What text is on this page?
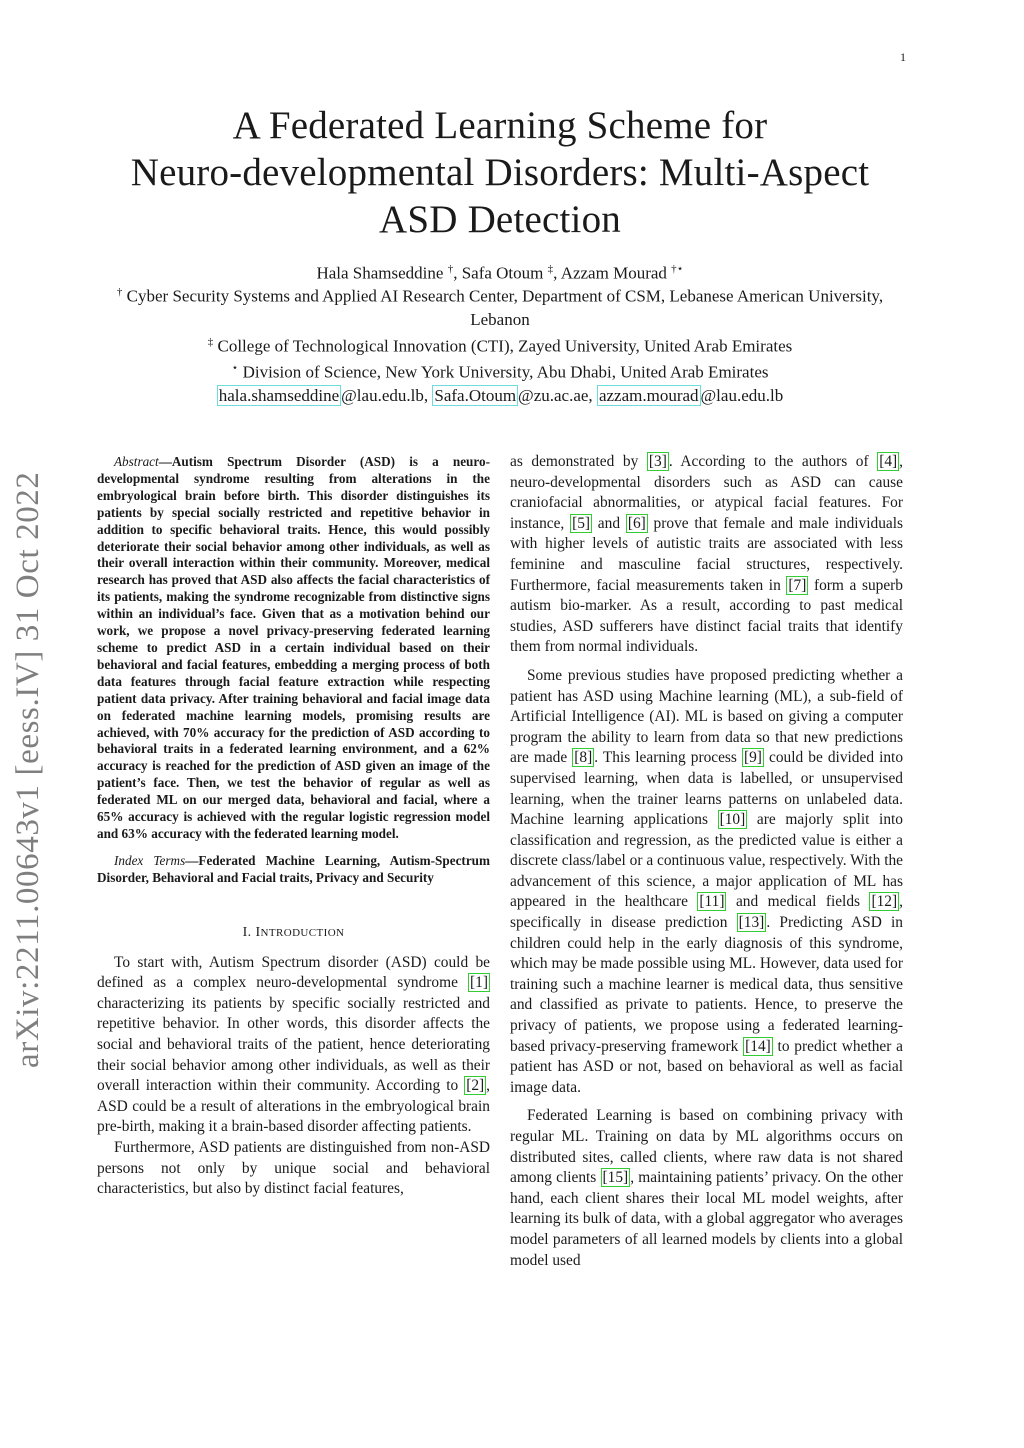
1
A Federated Learning Scheme for
Neuro-developmental Disorders: Multi-Aspect
ASD Detection
Hala Shamseddine †, Safa Otoum ‡, Azzam Mourad †⋆
† Cyber Security Systems and Applied AI Research Center, Department of CSM, Lebanese American University, Lebanon
‡ College of Technological Innovation (CTI), Zayed University, United Arab Emirates
⋆ Division of Science, New York University, Abu Dhabi, United Arab Emirates
hala.shamseddine @lau.edu.lb, Safa.Otoum @zu.ac.ae, azzam.mourad @lau.edu.lb
arXiv:2211.00643v1 [eess.IV] 31 Oct 2022

Abstract—Autism Spectrum Disorder (ASD) is a neuro-developmental syndrome resulting from alterations in the embryological brain before birth. This disorder distinguishes its patients by special socially restricted and repetitive behavior in addition to specific behavioral traits. Hence, this would possibly deteriorate their social behavior among other individuals, as well as their overall interaction within their community. Moreover, medical research has proved that ASD also affects the facial characteristics of its patients, making the syndrome recognizable from distinctive signs within an individual’s face. Given that as a motivation behind our work, we propose a novel privacy-preserving federated learning scheme to predict ASD in a certain individual based on their behavioral and facial features, embedding a merging process of both data features through facial feature extraction while respecting patient data privacy. After training behavioral and facial image data on federated machine learning models, promising results are achieved, with 70% accuracy for the prediction of ASD according to behavioral traits in a federated learning environment, and a 62% accuracy is reached for the prediction of ASD given an image of the patient’s face. Then, we test the behavior of regular as well as federated ML on our merged data, behavioral and facial, where a 65% accuracy is achieved with the regular logistic regression model and 63% accuracy with the federated learning model.

Index Terms—Federated Machine Learning, Autism-Spectrum Disorder, Behavioral and Facial traits, Privacy and Security

I. INTRODUCTION

To start with, Autism Spectrum disorder (ASD) could be defined as a complex neuro-developmental syndrome [1] characterizing its patients by specific socially restricted and repetitive behavior. In other words, this disorder affects the social and behavioral traits of the patient, hence deteriorating their social behavior among other individuals, as well as their overall interaction within their community. According to [2] , ASD could be a result of alterations in the embryological brain pre-birth, making it a brain-based disorder affecting patients.

Furthermore, ASD patients are distinguished from non-ASD persons not only by unique social and behavioral characteristics, but also by distinct facial features,

as demonstrated by [3] . According to the authors of [4] , neuro-developmental disorders such as ASD can cause craniofacial abnormalities, or atypical facial features. For instance, [5] and [6] prove that female and male individuals with higher levels of autistic traits are associated with less feminine and masculine facial structures, respectively. Furthermore, facial measurements taken in [7] form a superb autism bio-marker. As a result, according to past medical studies, ASD sufferers have distinct facial traits that identify them from normal individuals.

Some previous studies have proposed predicting whether a patient has ASD using Machine learning (ML), a sub-field of Artificial Intelligence (AI). ML is based on giving a computer program the ability to learn from data so that new predictions are made [8] . This learning process [9] could be divided into supervised learning, when data is labelled, or unsupervised learning, when the trainer learns patterns on unlabeled data. Machine learning applications [10] are majorly split into classification and regression, as the predicted value is either a discrete class/label or a continuous value, respectively. With the advancement of this science, a major application of ML has appeared in the healthcare [11] and medical fields [12] , specifically in disease prediction [13] . Predicting ASD in children could help in the early diagnosis of this syndrome, which may be made possible using ML. However, data used for training such a machine learner is medical data, thus sensitive and classified as private to patients. Hence, to preserve the privacy of patients, we propose using a federated learning-based privacy-preserving framework [14] to predict whether a patient has ASD or not, based on behavioral as well as facial image data.

Federated Learning is based on combining privacy with regular ML. Training on data by ML algorithms occurs on distributed sites, called clients, where raw data is not shared among clients [15] , maintaining patients’ privacy. On the other hand, each client shares their local ML model weights, after learning its bulk of data, with a global aggregator who averages model parameters of all learned models by clients into a global model used
